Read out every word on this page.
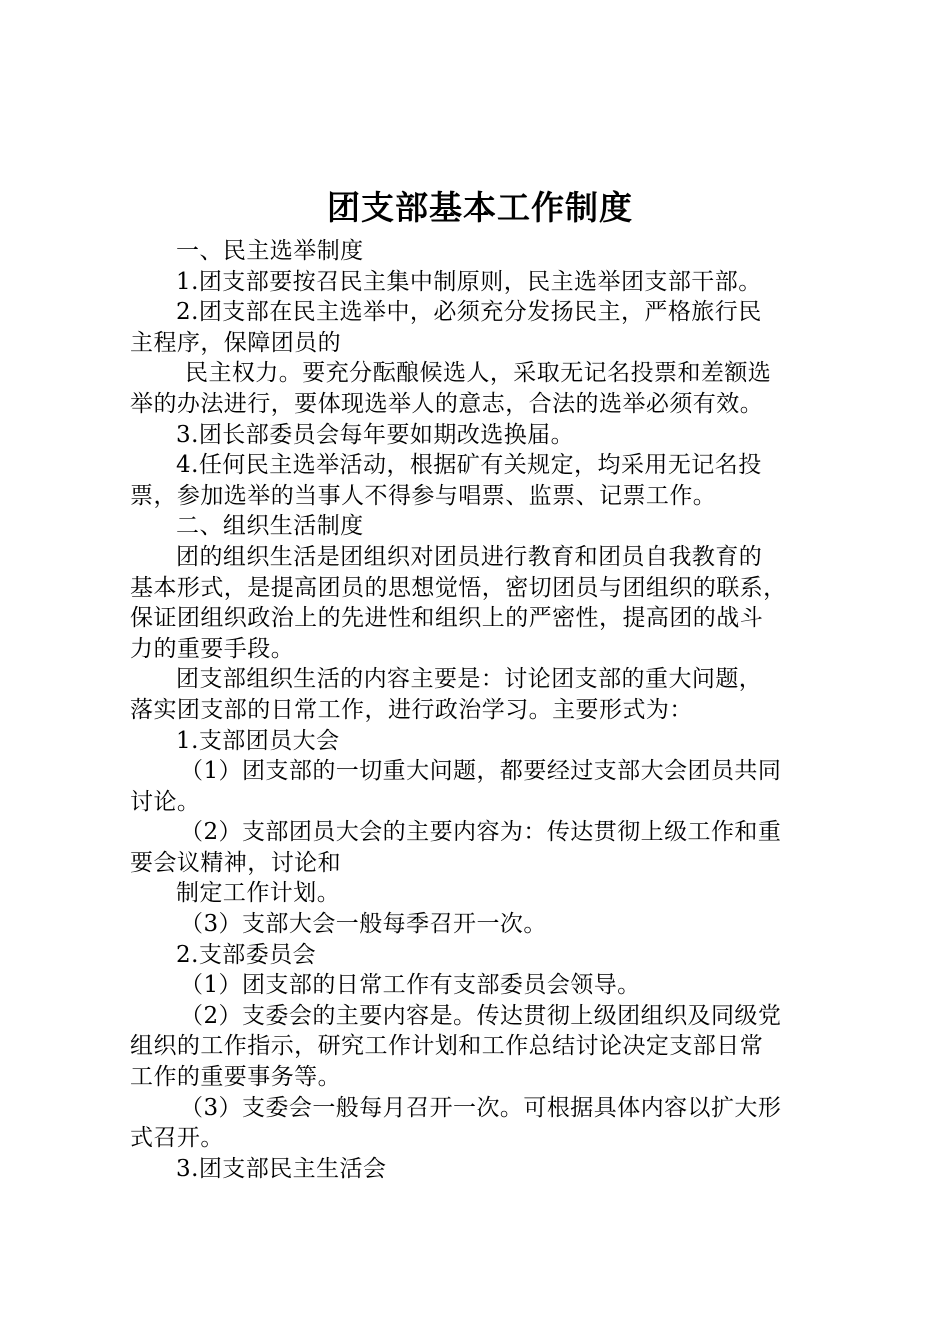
团支部基本工作制度

一、民主选举制度

1.团支部要按召民主集中制原则，民主选举团支部干部。

2.团支部在民主选举中，必须充分发扬民主，严格旅行民

主程序，保障团员的

民主权力。要充分酝酿候选人，采取无记名投票和差额选

举的办法进行，要体现选举人的意志，合法的选举必须有效。

3.团长部委员会每年要如期改选换届。

4.任何民主选举活动，根据矿有关规定，均采用无记名投

票，参加选举的当事人不得参与唱票、监票、记票工作。

二、组织生活制度

团的组织生活是团组织对团员进行教育和团员自我教育的

基本形式，是提高团员的思想觉悟，密切团员与团组织的联系，

保证团组织政治上的先进性和组织上的严密性，提高团的战斗

力的重要手段。

团支部组织生活的内容主要是：讨论团支部的重大问题，

落实团支部的日常工作，进行政治学习。主要形式为：

1.支部团员大会

（1）团支部的一切重大问题，都要经过支部大会团员共同

讨论。

（2）支部团员大会的主要内容为：传达贯彻上级工作和重

要会议精神，讨论和

制定工作计划。

（3）支部大会一般每季召开一次。

2.支部委员会

（1）团支部的日常工作有支部委员会领导。

（2）支委会的主要内容是。传达贯彻上级团组织及同级党

组织的工作指示，研究工作计划和工作总结讨论决定支部日常

工作的重要事务等。

（3）支委会一般每月召开一次。可根据具体内容以扩大形

式召开。

3.团支部民主生活会
